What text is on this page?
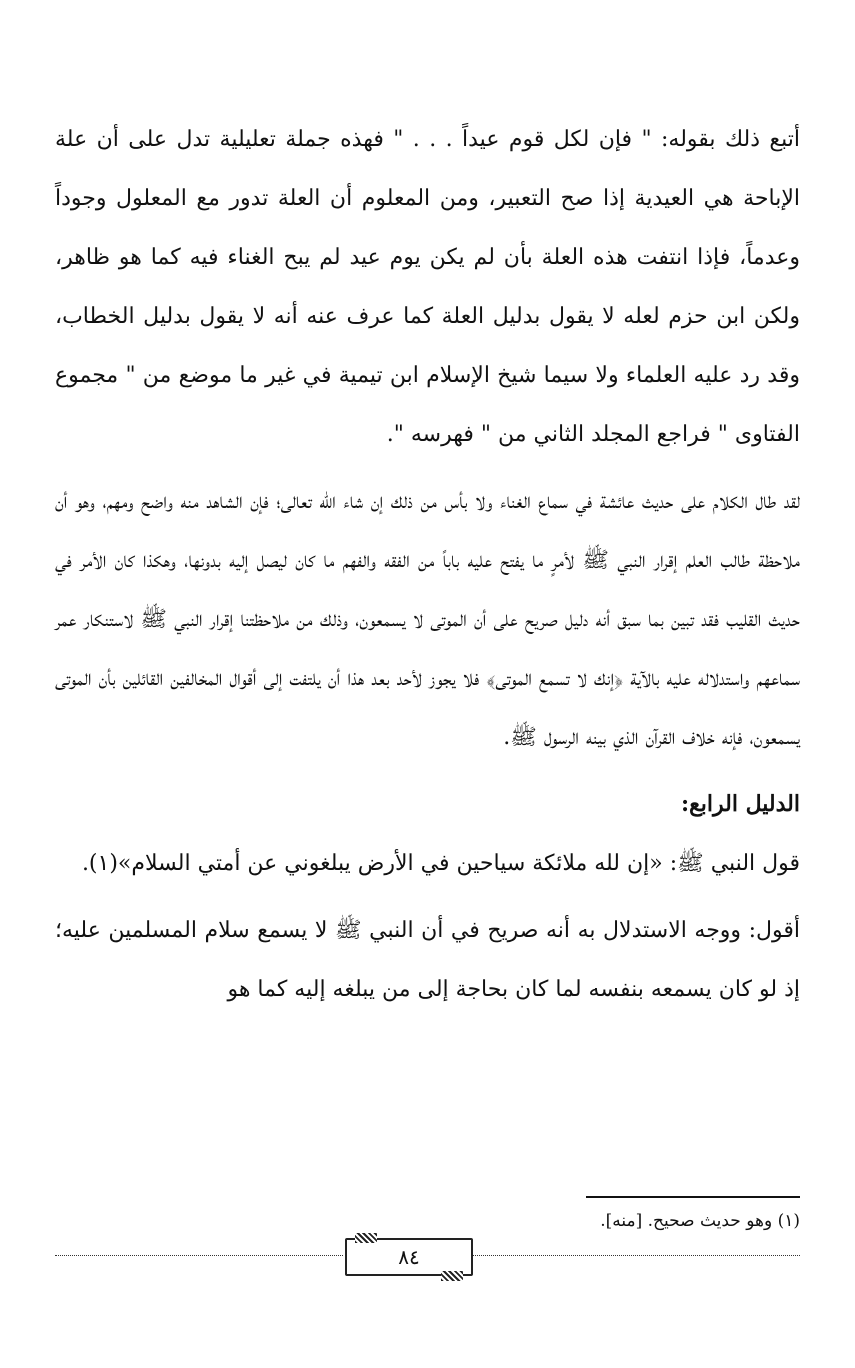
أتبع ذلك بقوله: " فإن لكل قوم عيداً . . . " فهذه جملة تعليلية تدل على أن علة الإباحة هي العيدية إذا صح التعبير، ومن المعلوم أن العلة تدور مع المعلول وجوداً وعدماً، فإذا انتفت هذه العلة بأن لم يكن يوم عيد لم يبح الغناء فيه كما هو ظاهر، ولكن ابن حزم لعله لا يقول بدليل العلة كما عرف عنه أنه لا يقول بدليل الخطاب، وقد رد عليه العلماء ولا سيما شيخ الإسلام ابن تيمية في غير ما موضع من " مجموع الفتاوى " فراجع المجلد الثاني من " فهرسه ".

لقد طال الكلام على حديث عائشة في سماع الغناء ولا بأس من ذلك إن شاء الله تعالى؛ فإن الشاهد منه واضح ومهم، وهو أن ملاحظة طالب العلم إقرار النبي ﷺ لأمرٍ ما يفتح عليه باباً من الفقه والفهم ما كان ليصل إليه بدونها، وهكذا كان الأمر في حديث القليب فقد تبين بما سبق أنه دليل صريح على أن الموتى لا يسمعون، وذلك من ملاحظتنا إقرار النبي ﷺ لاستنكار عمر سماعهم واستدلاله عليه بالآية ﴿إنك لا تسمع الموتى﴾ فلا يجوز لأحد بعد هذا أن يلتفت إلى أقوال المخالفين القائلين بأن الموتى يسمعون، فإنه خلاف القرآن الذي بينه الرسول ﷺ.

الدليل الرابع:

قول النبي ﷺ: «إن لله ملائكة سياحين في الأرض يبلغوني عن أمتي السلام»(١).

أقول: ووجه الاستدلال به أنه صريح في أن النبي ﷺ لا يسمع سلام المسلمين عليه؛ إذ لو كان يسمعه بنفسه لما كان بحاجة إلى من يبلغه إليه كما هو

(١) وهو حديث صحيح. [منه].
٨٤
